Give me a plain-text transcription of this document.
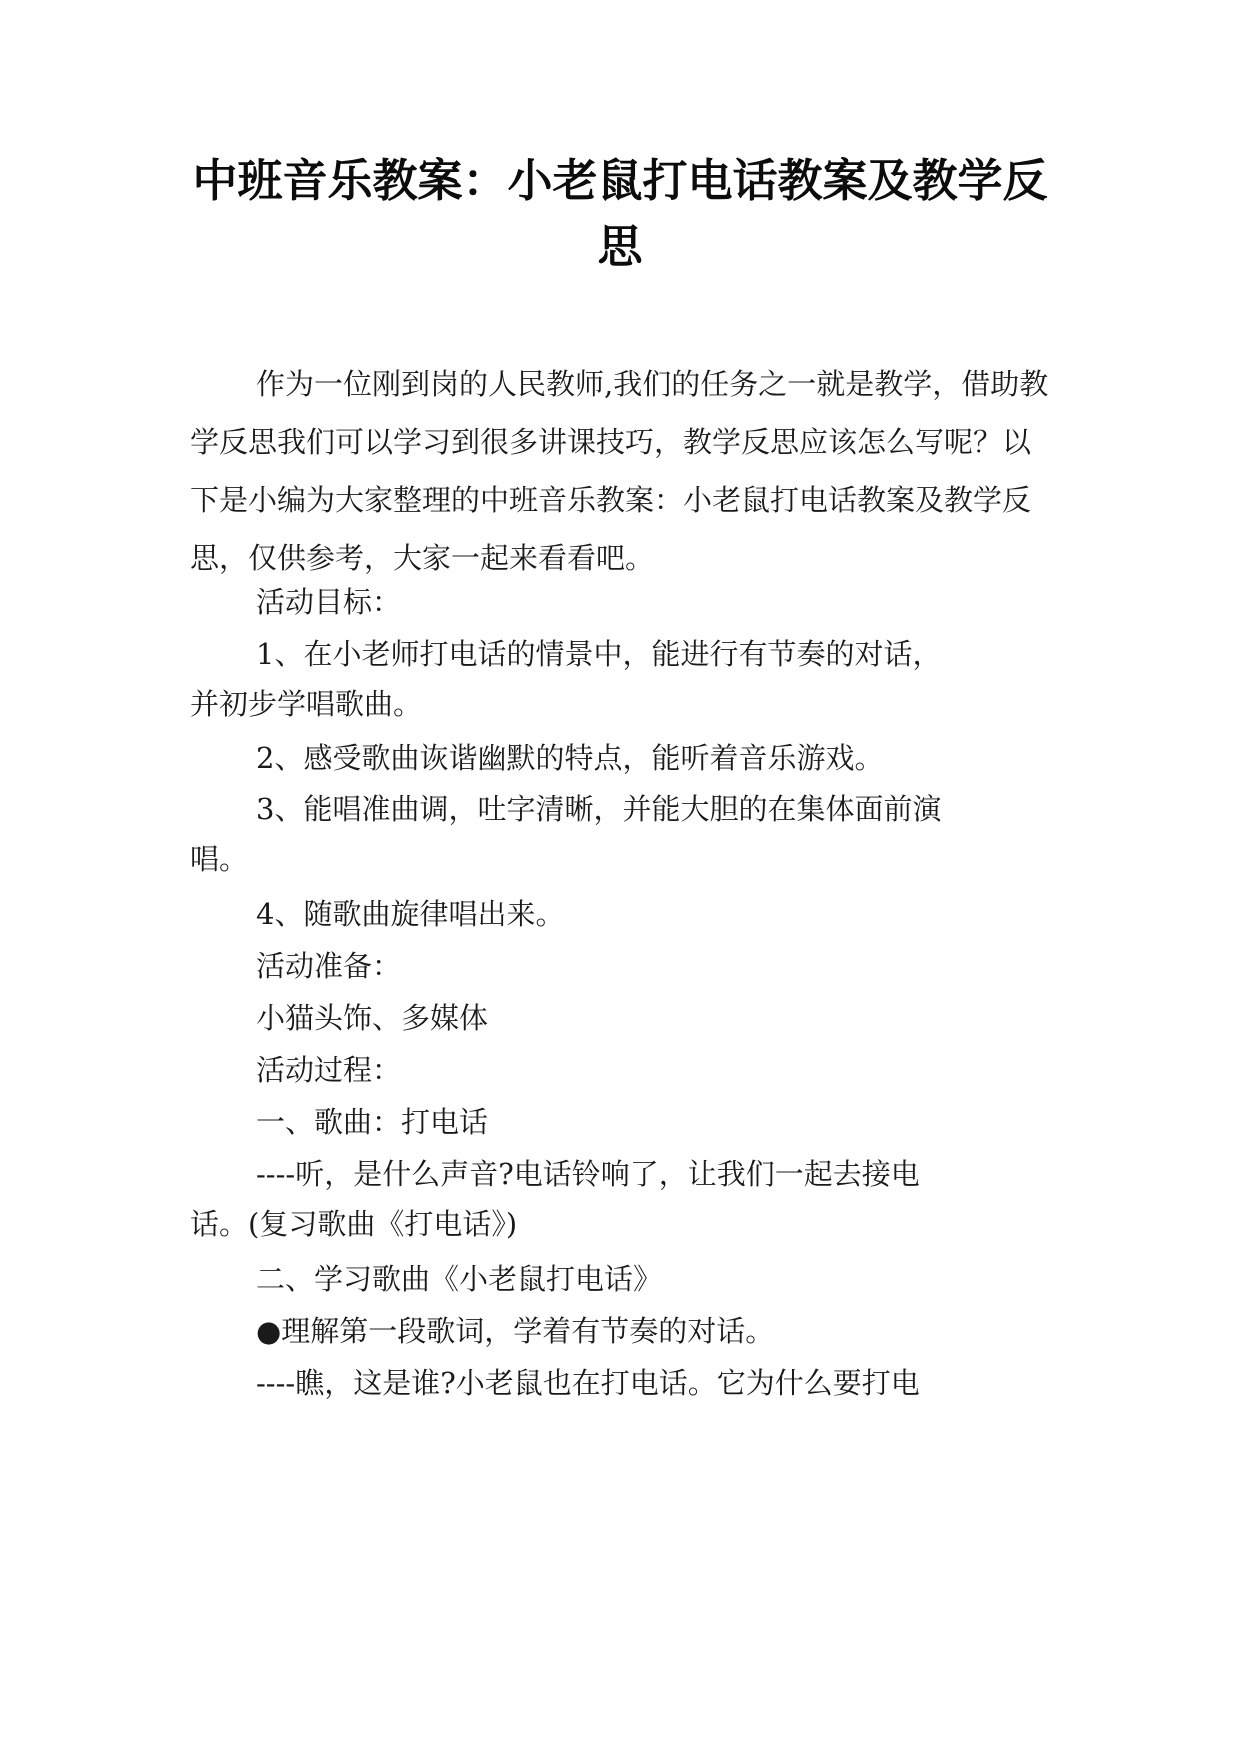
中班音乐教案：小老鼠打电话教案及教学反
思

作为一位刚到岗的人民教师,我们的任务之一就是教学，借助教学反思我们可以学习到很多讲课技巧，教学反思应该怎么写呢？以下是小编为大家整理的中班音乐教案：小老鼠打电话教案及教学反思，仅供参考，大家一起来看看吧。

活动目标：

1、在小老师打电话的情景中，能进行有节奏的对话，

并初步学唱歌曲。

2、感受歌曲诙谐幽默的特点，能听着音乐游戏。

3、能唱准曲调，吐字清晰，并能大胆的在集体面前演

唱。

4、随歌曲旋律唱出来。

活动准备：

小猫头饰、多媒体

活动过程：

一、歌曲：打电话

----听，是什么声音?电话铃响了，让我们一起去接电

话。(复习歌曲《打电话》)

二、学习歌曲《小老鼠打电话》

●理解第一段歌词，学着有节奏的对话。

----瞧，这是谁?小老鼠也在打电话。它为什么要打电
